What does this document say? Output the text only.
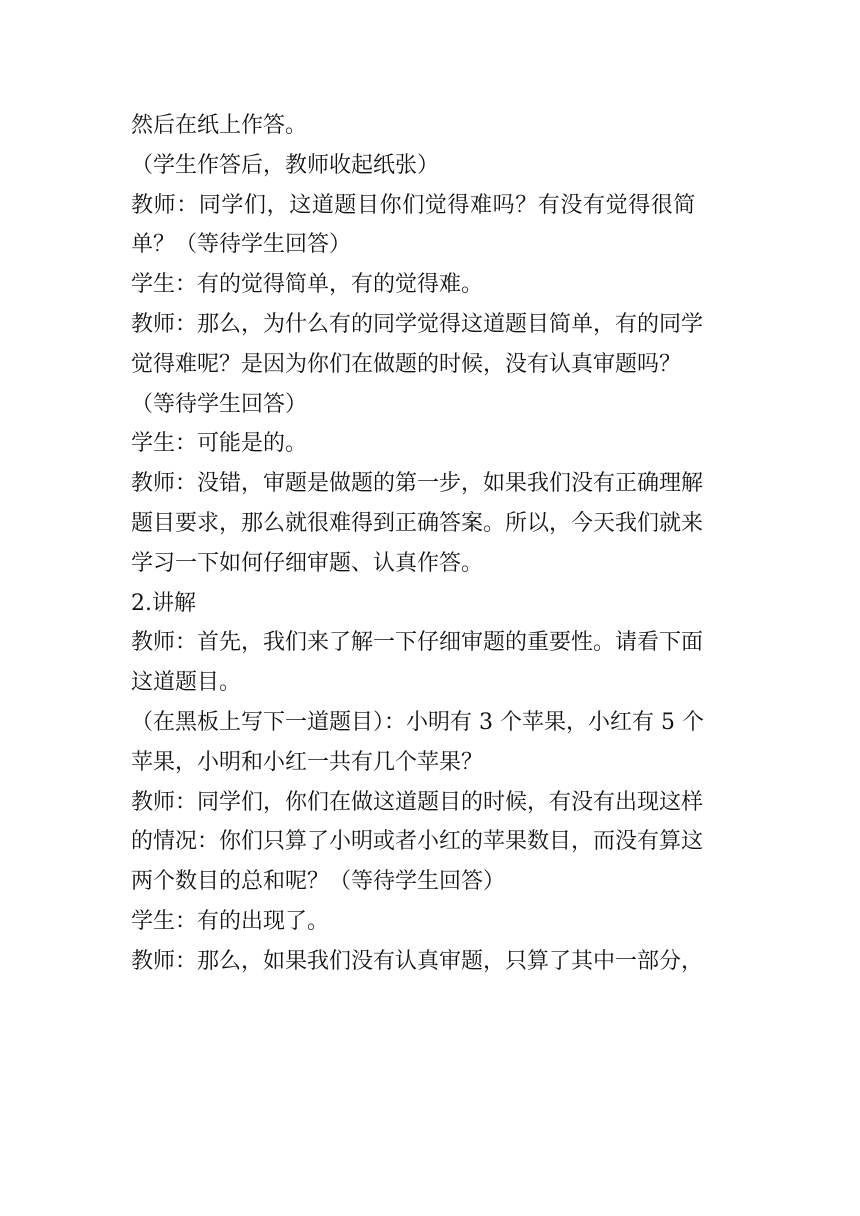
然后在纸上作答。
（学生作答后，教师收起纸张）
教师：同学们，这道题目你们觉得难吗？有没有觉得很简
单？（等待学生回答）
学生：有的觉得简单，有的觉得难。
教师：那么，为什么有的同学觉得这道题目简单，有的同学
觉得难呢？是因为你们在做题的时候，没有认真审题吗？
（等待学生回答）
学生：可能是的。
教师：没错，审题是做题的第一步，如果我们没有正确理解
题目要求，那么就很难得到正确答案。所以，今天我们就来
学习一下如何仔细审题、认真作答。
2.讲解
教师：首先，我们来了解一下仔细审题的重要性。请看下面
这道题目。
（在黑板上写下一道题目）：小明有 3 个苹果，小红有 5 个
苹果，小明和小红一共有几个苹果？
教师：同学们，你们在做这道题目的时候，有没有出现这样
的情况：你们只算了小明或者小红的苹果数目，而没有算这
两个数目的总和呢？（等待学生回答）
学生：有的出现了。
教师：那么，如果我们没有认真审题，只算了其中一部分，
